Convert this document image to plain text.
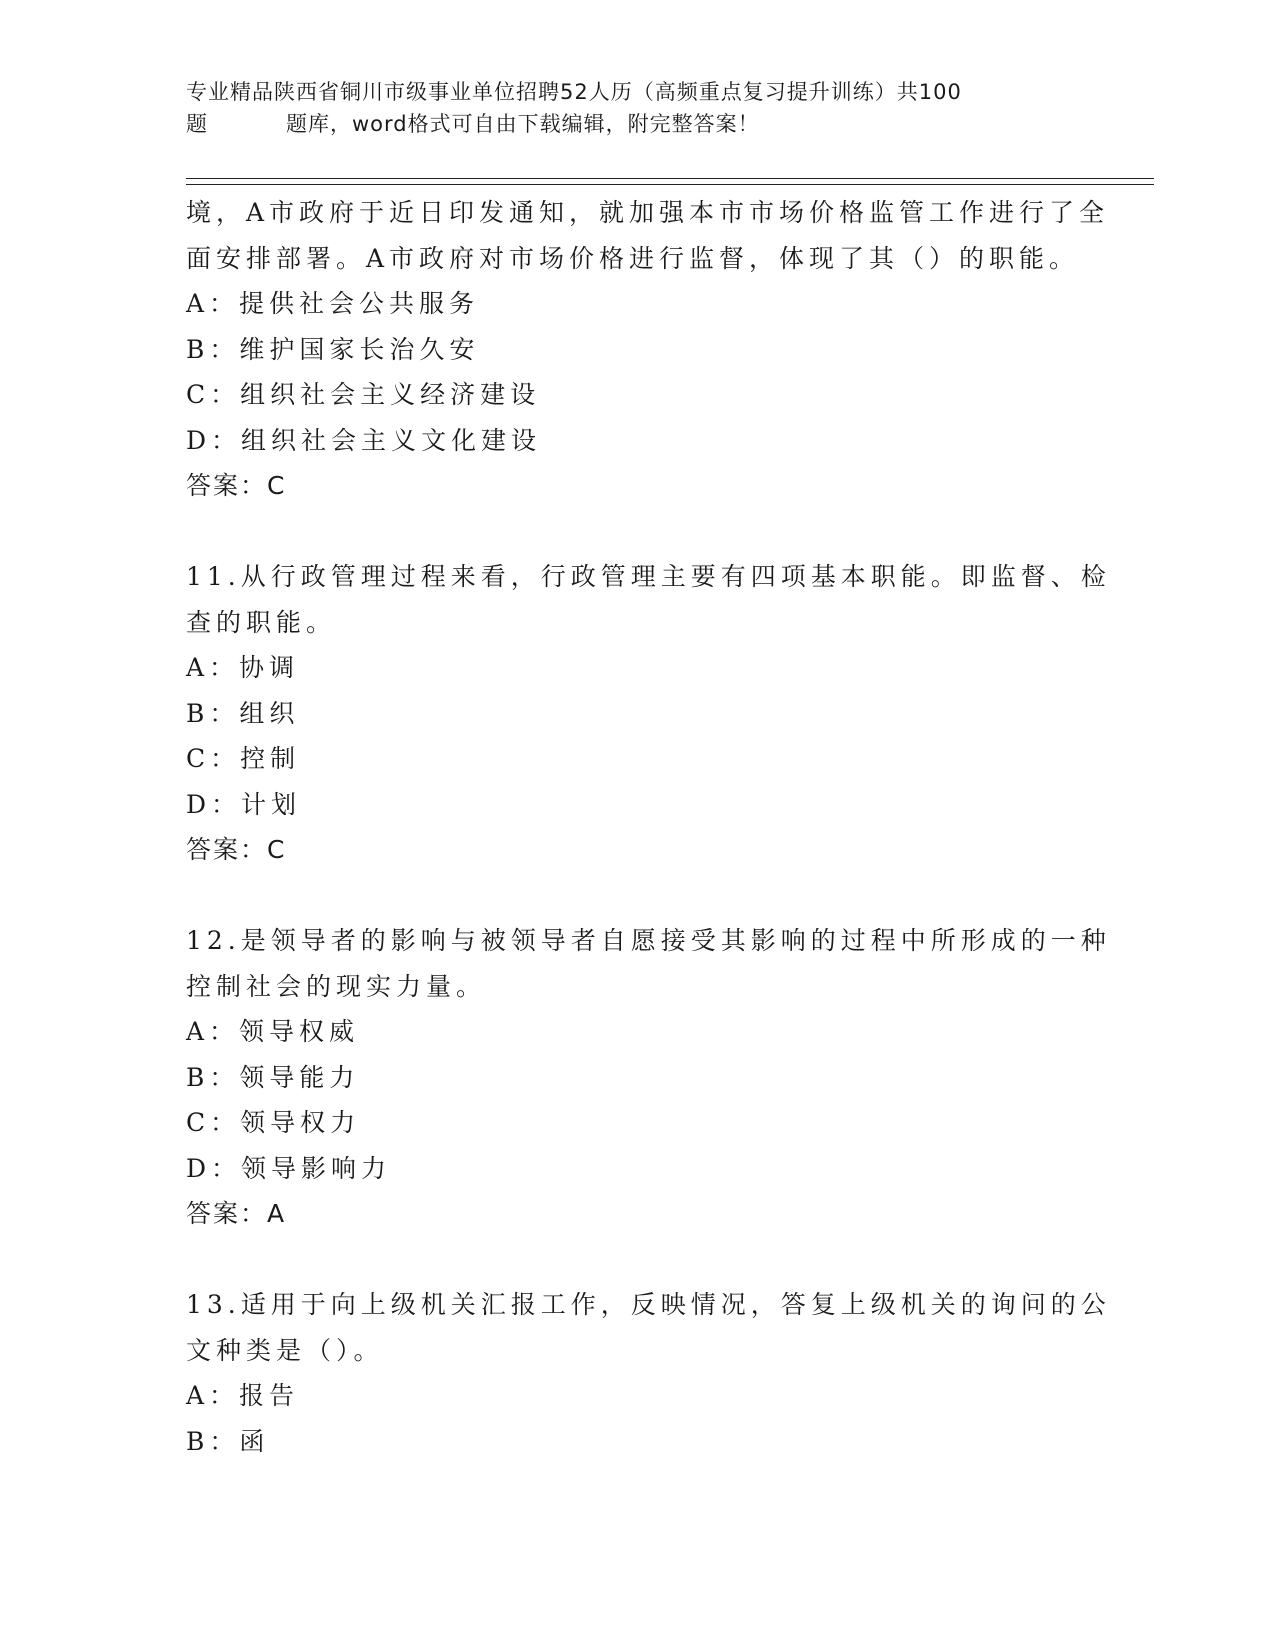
专业精品陕西省铜川市级事业单位招聘52人历（高频重点复习提升训练）共100
题	题库，word格式可自由下载编辑，附完整答案！
境，A市政府于近日印发通知，就加强本市市场价格监管工作进行了全
面安排部署。A市政府对市场价格进行监督，体现了其（）的职能。
A：提供社会公共服务
B：维护国家长治久安
C：组织社会主义经济建设
D：组织社会主义文化建设
答案：C
11.从行政管理过程来看，行政管理主要有四项基本职能。即监督、检
查的职能。
A：协调
B：组织
C：控制
D：计划
答案：C
12.是领导者的影响与被领导者自愿接受其影响的过程中所形成的一种
控制社会的现实力量。
A：领导权威
B：领导能力
C：领导权力
D：领导影响力
答案：A
13.适用于向上级机关汇报工作，反映情况，答复上级机关的询问的公
文种类是（）。
A：报告
B：函
